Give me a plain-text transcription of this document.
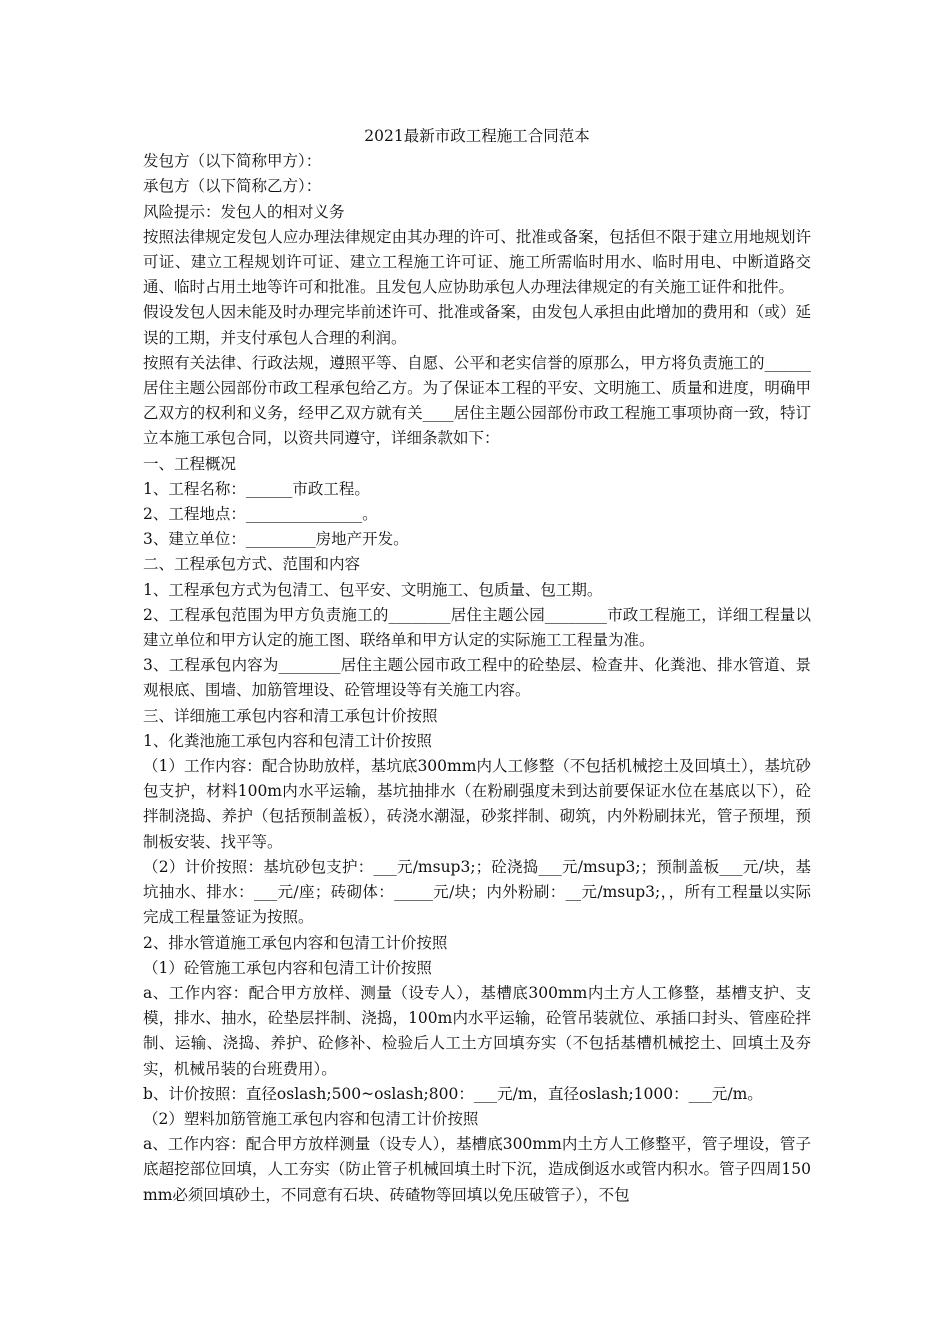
2021最新市政工程施工合同范本

发包方（以下简称甲方）：

承包方（以下简称乙方）：

风险提示：发包人的相对义务

按照法律规定发包人应办理法律规定由其办理的许可、批准或备案，包括但不限于建立用地规划许可证、建立工程规划许可证、建立工程施工许可证、施工所需临时用水、临时用电、中断道路交通、临时占用土地等许可和批准。且发包人应协助承包人办理法律规定的有关施工证件和批件。

假设发包人因未能及时办理完毕前述许可、批准或备案，由发包人承担由此增加的费用和（或）延误的工期，并支付承包人合理的利润。

按照有关法律、行政法规，遵照平等、自愿、公平和老实信誉的原那么，甲方将负责施工的______居住主题公园部份市政工程承包给乙方。为了保证本工程的平安、文明施工、质量和进度，明确甲乙双方的权利和义务，经甲乙双方就有关____居住主题公园部份市政工程施工事项协商一致，特订立本施工承包合同，以资共同遵守，详细条款如下：

一、工程概况

1、工程名称：______市政工程。

2、工程地点：_______________。

3、建立单位：_________房地产开发。

二、工程承包方式、范围和内容

1、工程承包方式为包清工、包平安、文明施工、包质量、包工期。

2、工程承包范围为甲方负责施工的________居住主题公园________市政工程施工，详细工程量以建立单位和甲方认定的施工图、联络单和甲方认定的实际施工工程量为准。

3、工程承包内容为________居住主题公园市政工程中的砼垫层、检查井、化粪池、排水管道、景观根底、围墙、加筋管埋设、砼管埋设等有关施工内容。

三、详细施工承包内容和清工承包计价按照

1、化粪池施工承包内容和包清工计价按照

（1）工作内容：配合协助放样，基坑底300mm内人工修整（不包括机械挖土及回填土），基坑砂包支护，材料100m内水平运输，基坑抽排水（在粉刷强度未到达前要保证水位在基底以下），砼拌制浇捣、养护（包括预制盖板），砖浇水潮湿，砂浆拌制、砌筑，内外粉刷抹光，管子预埋，预制板安装、找平等。

（2）计价按照：基坑砂包支护：___元/msup3;；砼浇捣___元/msup3;；预制盖板___元/块，基坑抽水、排水：___元/座；砖砌体：_____元/块；内外粉刷：__元/msup3;，，所有工程量以实际完成工程量签证为按照。

2、排水管道施工承包内容和包清工计价按照

（1）砼管施工承包内容和包清工计价按照

a、工作内容：配合甲方放样、测量（设专人），基槽底300mm内土方人工修整，基槽支护、支模，排水、抽水，砼垫层拌制、浇捣，100m内水平运输，砼管吊装就位、承插口封头、管座砼拌制、运输、浇捣、养护、砼修补、检验后人工土方回填夯实（不包括基槽机械挖土、回填土及夯实，机械吊装的台班费用）。

b、计价按照：直径oslash;500~oslash;800：___元/m，直径oslash;1000：___元/m。

（2）塑料加筋管施工承包内容和包清工计价按照

a、工作内容：配合甲方放样测量（设专人），基槽底300mm内土方人工修整平，管子埋设，管子底超挖部位回填，人工夯实（防止管子机械回填土时下沉，造成倒返水或管内积水。管子四周150mm必须回填砂土，不同意有石块、砖碴物等回填以免压破管子），不包
